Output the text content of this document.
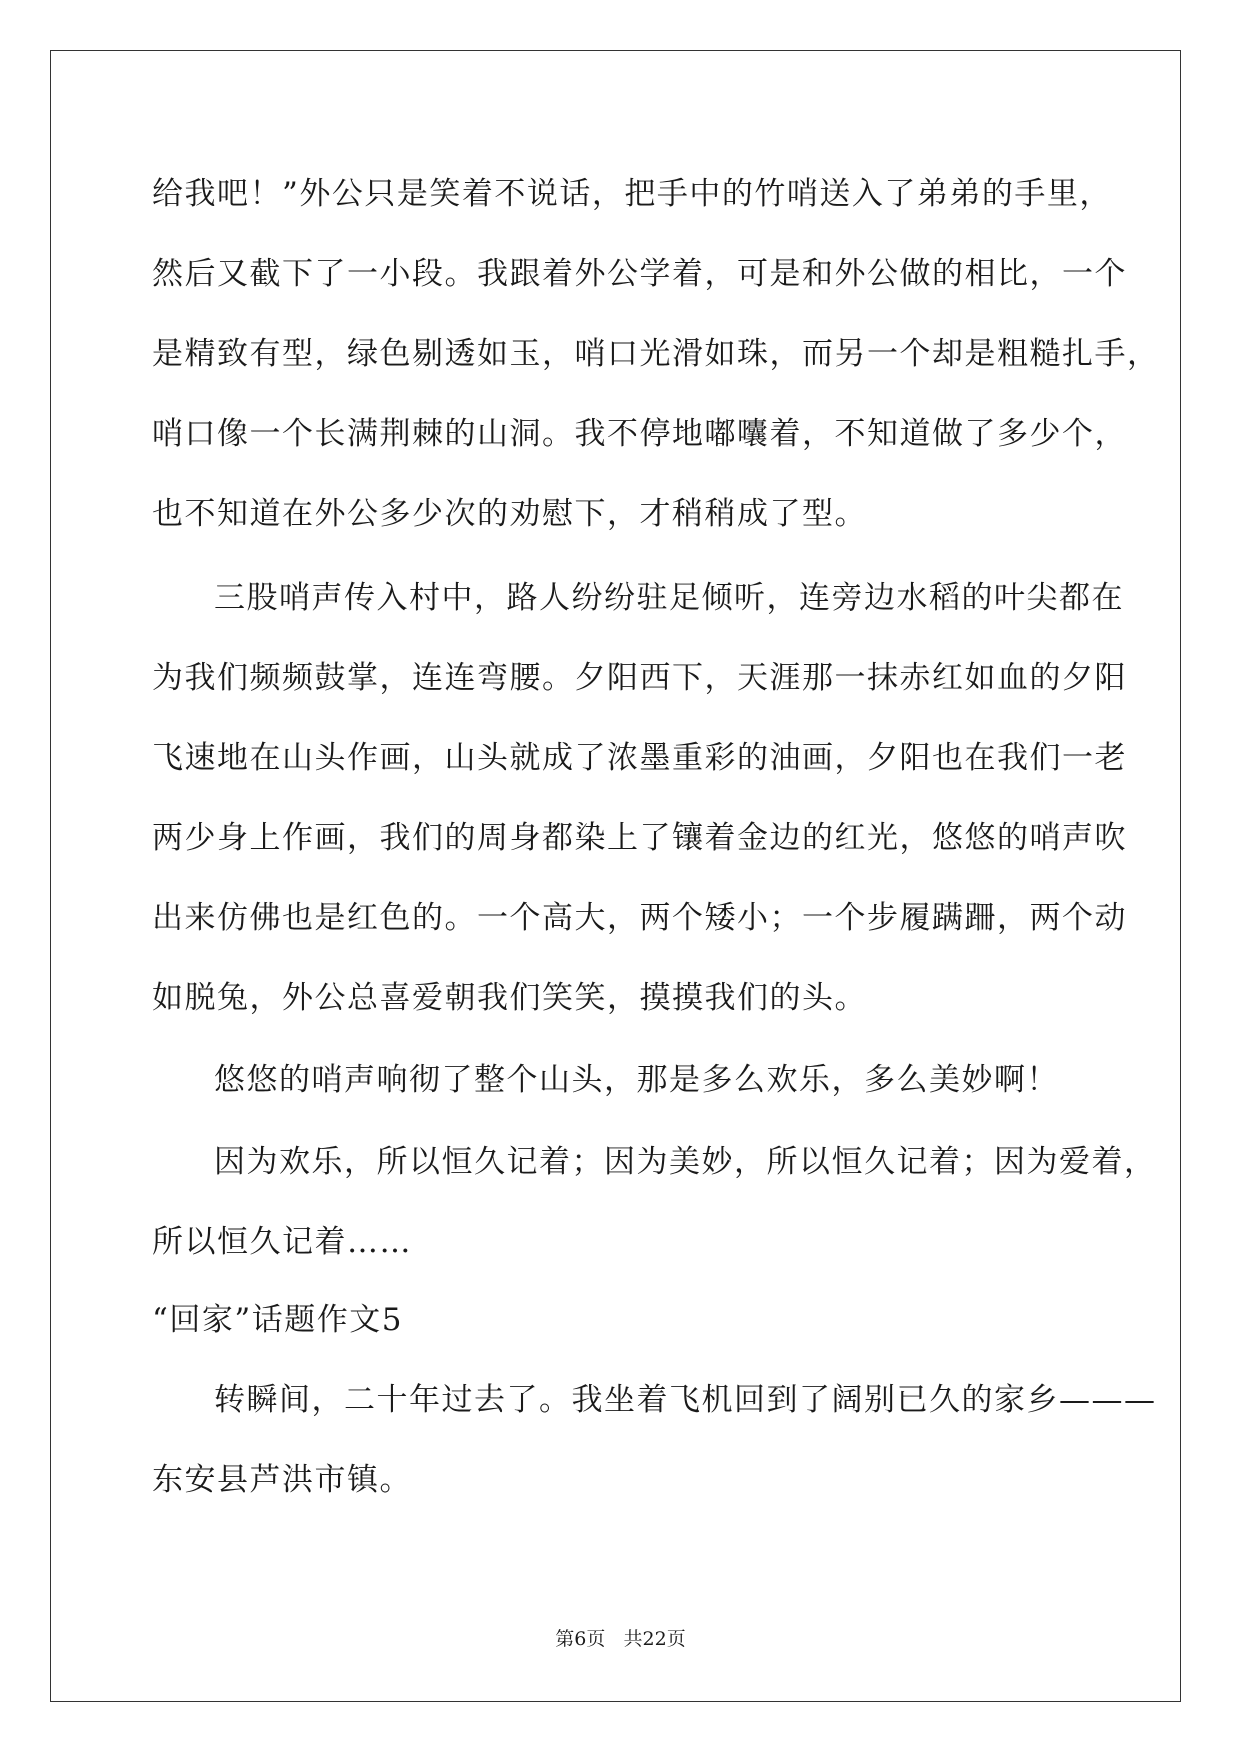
给我吧！”外公只是笑着不说话，把手中的竹哨送入了弟弟的手里，
然后又截下了一小段。我跟着外公学着，可是和外公做的相比，一个
是精致有型，绿色剔透如玉，哨口光滑如珠，而另一个却是粗糙扎手，
哨口像一个长满荆棘的山洞。我不停地嘟囔着，不知道做了多少个，
也不知道在外公多少次的劝慰下，才稍稍成了型。
三股哨声传入村中，路人纷纷驻足倾听，连旁边水稻的叶尖都在
为我们频频鼓掌，连连弯腰。夕阳西下，天涯那一抹赤红如血的夕阳
飞速地在山头作画，山头就成了浓墨重彩的油画，夕阳也在我们一老
两少身上作画，我们的周身都染上了镶着金边的红光，悠悠的哨声吹
出来仿佛也是红色的。一个高大，两个矮小；一个步履蹒跚，两个动
如脱兔，外公总喜爱朝我们笑笑，摸摸我们的头。
悠悠的哨声响彻了整个山头，那是多么欢乐，多么美妙啊！
因为欢乐，所以恒久记着；因为美妙，所以恒久记着；因为爱着，
所以恒久记着……
“回家”话题作文5
转瞬间，二十年过去了。我坐着飞机回到了阔别已久的家乡———
东安县芦洪市镇。
第6页 共22页
